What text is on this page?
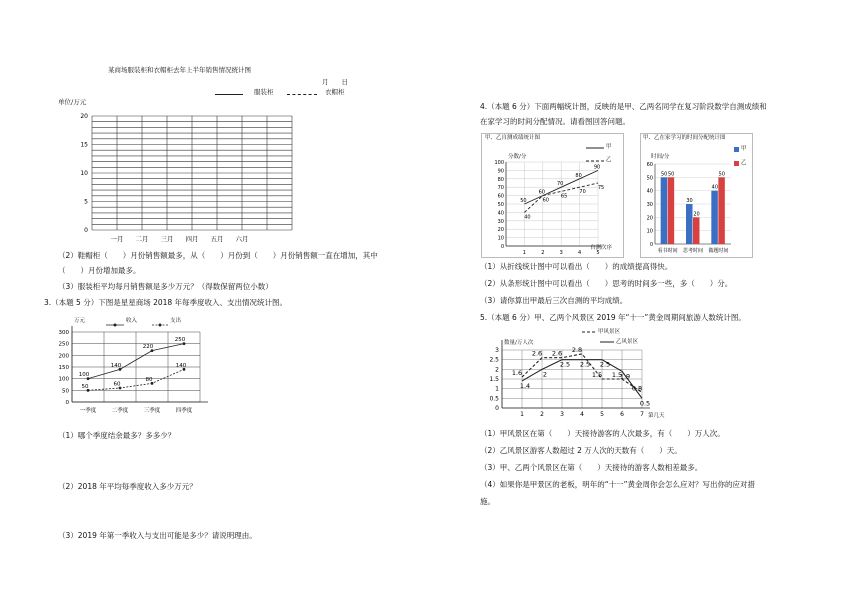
某商场服装柜和衣帽柜去年上半年销售情况统计图
月　　日
服装柜	衣帽柜
单位/万元
0
5
10
15
20
一月 二月 三月 四月 五月 六月
（2）鞋帽柜（　　）月份销售额最多，从（　　）月份到（　　）月份销售额一直在增加，其中
（　　）月份增加最多。
（3）服装柜平均每月销售额是多少万元？（得数保留两位小数）
3.（本题 5 分）下图是星星商场 2018 年每季度收入、支出情况统计图。
300
250
200
150
100
50
0
一季度	二季度	三季度	四季度
100
140
220
250
50	60
80
140
万元	收入	支出
（1）哪个季度结余最多？多多少？
（2）2018 年平均每季度收入多少万元？
（3）2019 年第一季收入与支出可能是多少？请说明理由。
4.（本题 6 分）下面两幅统计图，反映的是甲、乙两名同学在复习阶段数学自测成绩和
在家学习的时间分配情况。请看图回答问题。
甲、乙自测成绩统计图
分数/分
自测次序
甲
乙
0
10
20
30
40
50
60
70
80
90
100
1	2	3	4	5
50
60
70
80
90
40
60
65
70
75
甲、乙在家学习的时间分配统计图
时间/分
甲
乙
0
10
20
30
40
50
60
50 50
看书时间
30
20
思考时间
40
50
做题时间
（1）从折线统计图中可以看出（　　）的成绩提高得快。
（2）从条形统计图中可以看出（　　）思考的时间多一些，多（　　）分。
（3）请你算出甲最后三次自测的平均成绩。
5.（本题 6 分）甲、乙两个风景区 2019 年“十一”黄金周期间旅游人数统计图。
0
0.5
1
1.5
2
2.5
3
1	2	3	4	5	6	7
1.6
2.6 2.6 2.8
1.5 1.5
0.8
1.4
2
2.5 2.5 2.5
1.9
0.5
甲风景区
乙风景区
数量/万人次
第几天
（1）甲风景区在第（　　）天接待游客的人次最多，有（　　）万人次。
（2）乙风景区游客人数超过 2 万人次的天数有（　　）天。
（3）甲、乙两个风景区在第（　　）天接待的游客人数相差最多。
（4）如果你是甲景区的老板，明年的“十一”黄金周你会怎么应对？写出你的应对措
施。
